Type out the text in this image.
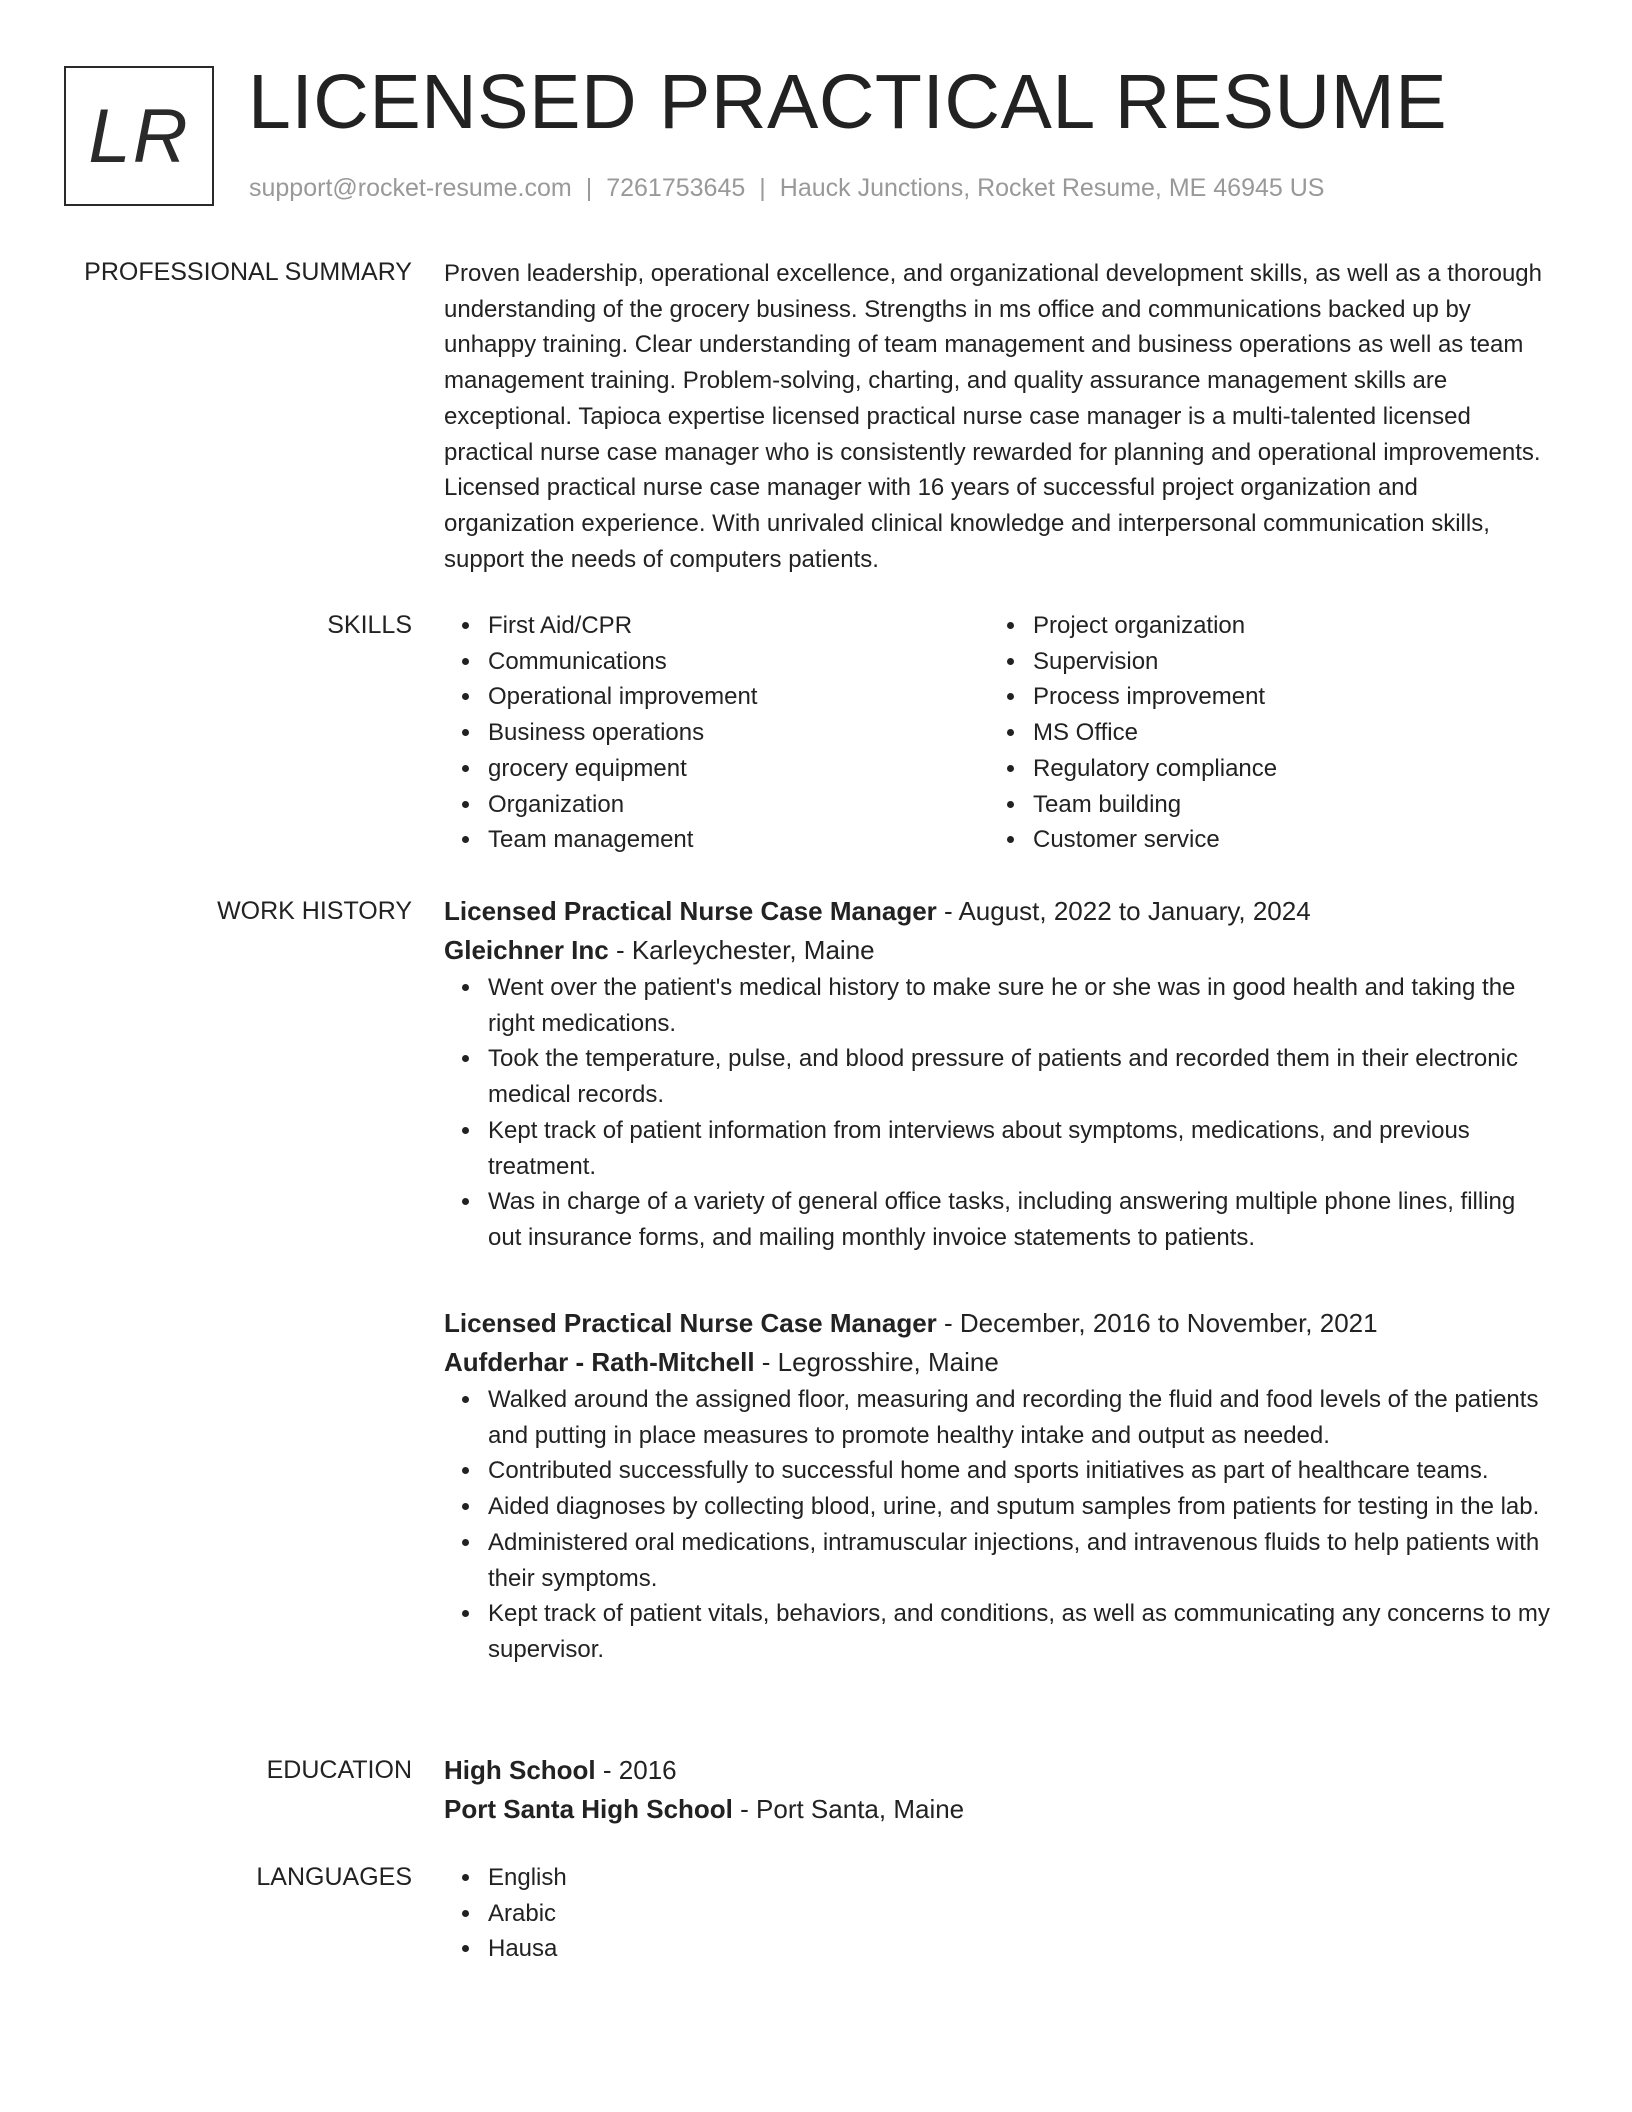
LR LICENSED PRACTICAL RESUME
support@rocket-resume.com | 7261753645 | Hauck Junctions, Rocket Resume, ME 46945 US
PROFESSIONAL SUMMARY Proven leadership, operational excellence, and organizational development skills, as well as a thorough understanding of the grocery business. Strengths in ms office and communications backed up by unhappy training. Clear understanding of team management and business operations as well as team management training. Problem-solving, charting, and quality assurance management skills are exceptional. Tapioca expertise licensed practical nurse case manager is a multi-talented licensed practical nurse case manager who is consistently rewarded for planning and operational improvements. Licensed practical nurse case manager with 16 years of successful project organization and organization experience. With unrivaled clinical knowledge and interpersonal communication skills, support the needs of computers patients.

SKILLS	First Aid/CPR
Communications
Operational improvement
Business operations
grocery equipment
Organization
Team management
Project organization
Supervision
Process improvement
MS Office
Regulatory compliance
Team building
Customer service
WORK HISTORY Licensed Practical Nurse Case Manager - August, 2022 to January, 2024
Gleichner Inc - Karleychester, Maine
Went over the patient's medical history to make sure he or she was in good health and taking the right medications.
Took the temperature, pulse, and blood pressure of patients and recorded them in their electronic medical records.
Kept track of patient information from interviews about symptoms, medications, and previous treatment.
Was in charge of a variety of general office tasks, including answering multiple phone lines, filling out insurance forms, and mailing monthly invoice statements to patients.
Licensed Practical Nurse Case Manager - December, 2016 to November, 2021
Aufderhar - Rath-Mitchell - Legrosshire, Maine
Walked around the assigned floor, measuring and recording the fluid and food levels of the patients and putting in place measures to promote healthy intake and output as needed.
Contributed successfully to successful home and sports initiatives as part of healthcare teams.
Aided diagnoses by collecting blood, urine, and sputum samples from patients for testing in the lab.
Administered oral medications, intramuscular injections, and intravenous fluids to help patients with their symptoms.
Kept track of patient vitals, behaviors, and conditions, as well as communicating any concerns to my supervisor.
EDUCATION High School - 2016
Port Santa High School - Port Santa, Maine
LANGUAGES	English
Arabic
Hausa
